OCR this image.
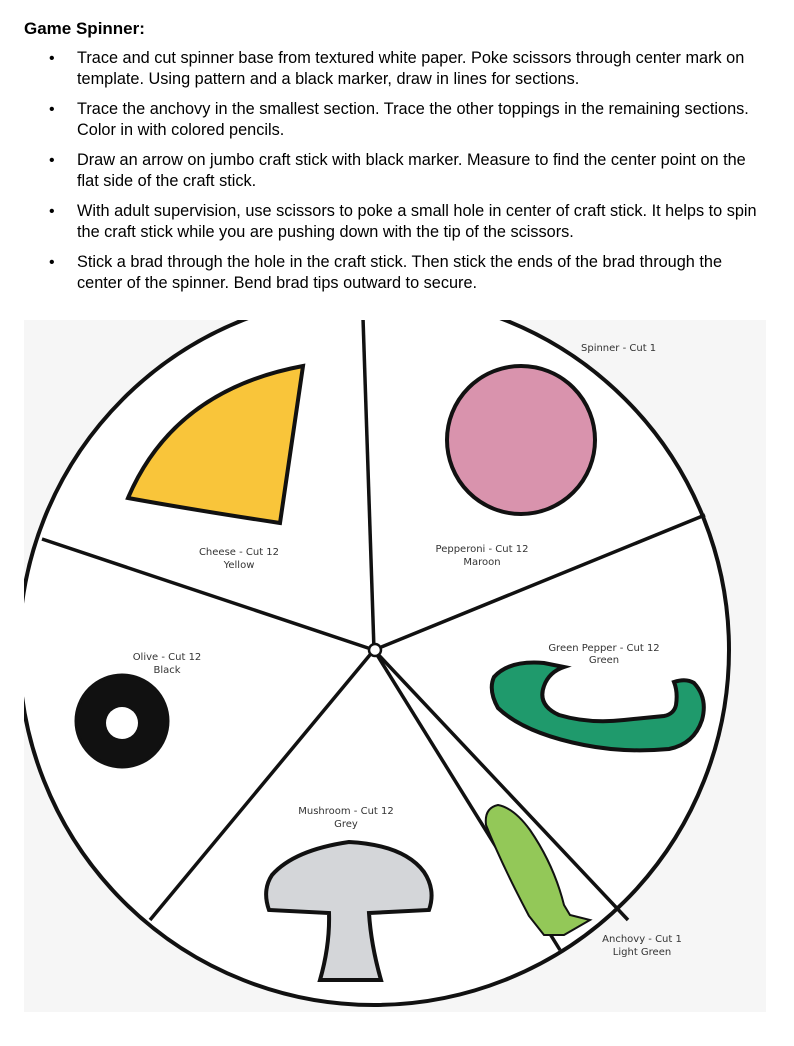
Game Spinner:
• Trace and cut spinner base from textured white paper. Poke scissors through center mark on template. Using pattern and a black marker, draw in lines for sections.
• Trace the anchovy in the smallest section. Trace the other toppings in the remaining sections. Color in with colored pencils.
• Draw an arrow on jumbo craft stick with black marker. Measure to find the center point on the flat side of the craft stick.
• With adult supervision, use scissors to poke a small hole in center of craft stick. It helps to spin the craft stick while you are pushing down with the tip of the scissors.
• Stick a brad through the hole in the craft stick. Then stick the ends of the brad through the center of the spinner. Bend brad tips outward to secure.
Spinner - Cut 1
Cheese - Cut 12
Yellow
Pepperoni - Cut 12
Maroon
Green Pepper - Cut 12
Green
Olive - Cut 12
Black
Mushroom - Cut 12
Grey
Anchovy - Cut 1
Light Green
